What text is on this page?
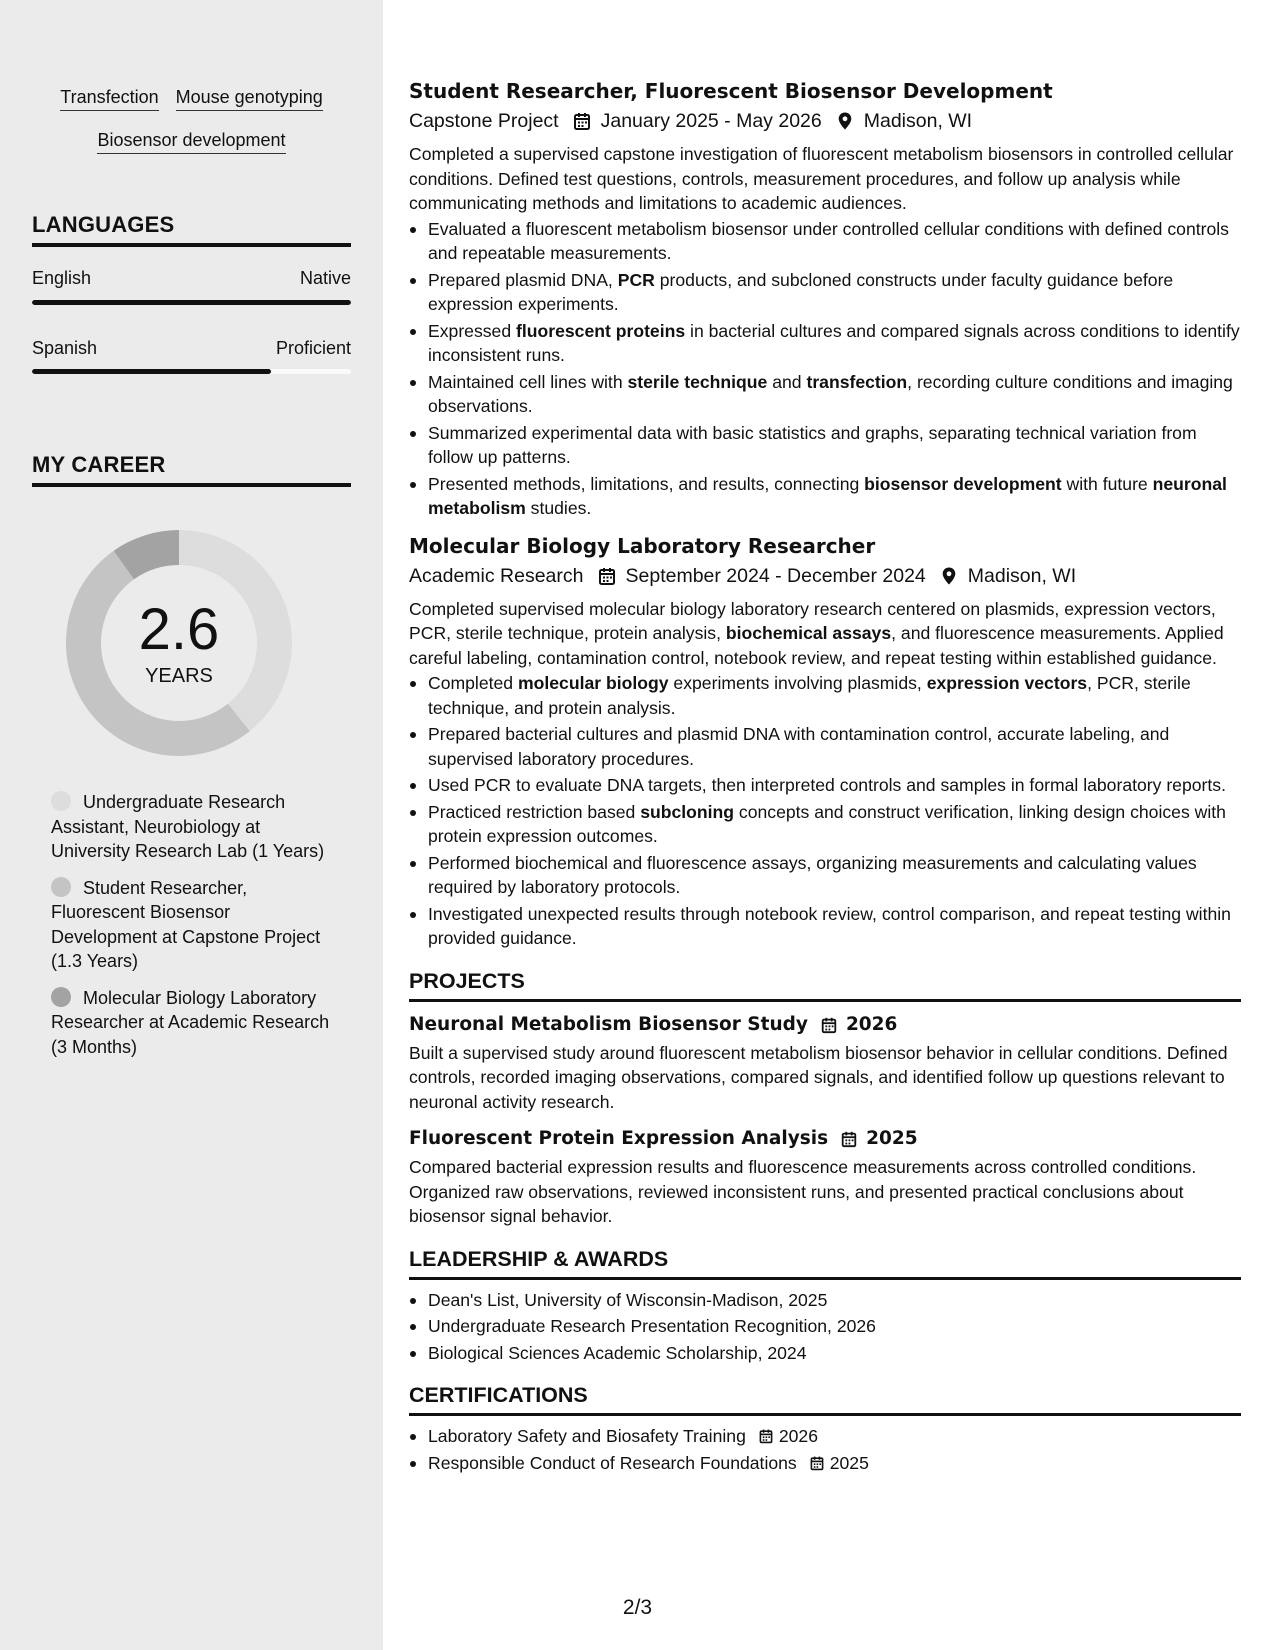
Transfection Mouse genotyping
Biosensor development
LANGUAGES
English	Native
Spanish	Proficient
MY CAREER
2.6
YEARS
Undergraduate Research Assistant, Neurobiology at University Research Lab (1 Years)
Student Researcher, Fluorescent Biosensor Development at Capstone Project (1.3 Years)
Molecular Biology Laboratory Researcher at Academic Research (3 Months)
Student Researcher, Fluorescent Biosensor Development
Capstone Project January 2025 - May 2026 Madison, WI

Completed a supervised capstone investigation of fluorescent metabolism biosensors in controlled cellular conditions. Defined test questions, controls, measurement procedures, and follow up analysis while communicating methods and limitations to academic audiences.

Evaluated a fluorescent metabolism biosensor under controlled cellular conditions with defined controls and repeatable measurements.
Prepared plasmid DNA, PCR products, and subcloned constructs under faculty guidance before expression experiments.
Expressed fluorescent proteins in bacterial cultures and compared signals across conditions to identify inconsistent runs.
Maintained cell lines with sterile technique and transfection, recording culture conditions and imaging observations.
Summarized experimental data with basic statistics and graphs, separating technical variation from follow up patterns.
Presented methods, limitations, and results, connecting biosensor development with future neuronal metabolism studies.
Molecular Biology Laboratory Researcher
Academic Research September 2024 - December 2024 Madison, WI

Completed supervised molecular biology laboratory research centered on plasmids, expression vectors, PCR, sterile technique, protein analysis, biochemical assays, and fluorescence measurements. Applied careful labeling, contamination control, notebook review, and repeat testing within established guidance.

Completed molecular biology experiments involving plasmids, expression vectors, PCR, sterile technique, and protein analysis.
Prepared bacterial cultures and plasmid DNA with contamination control, accurate labeling, and supervised laboratory procedures.
Used PCR to evaluate DNA targets, then interpreted controls and samples in formal laboratory reports.
Practiced restriction based subcloning concepts and construct verification, linking design choices with protein expression outcomes.
Performed biochemical and fluorescence assays, organizing measurements and calculating values required by laboratory protocols.
Investigated unexpected results through notebook review, control comparison, and repeat testing within provided guidance.
PROJECTS
Neuronal Metabolism Biosensor Study 2026

Built a supervised study around fluorescent metabolism biosensor behavior in cellular conditions. Defined controls, recorded imaging observations, compared signals, and identified follow up questions relevant to neuronal activity research.

Fluorescent Protein Expression Analysis 2025

Compared bacterial expression results and fluorescence measurements across controlled conditions. Organized raw observations, reviewed inconsistent runs, and presented practical conclusions about biosensor signal behavior.

LEADERSHIP & AWARDS
Dean's List, University of Wisconsin-Madison, 2025
Undergraduate Research Presentation Recognition, 2026
Biological Sciences Academic Scholarship, 2024
CERTIFICATIONS
Laboratory Safety and Biosafety Training 2026
Responsible Conduct of Research Foundations 2025
2/3
